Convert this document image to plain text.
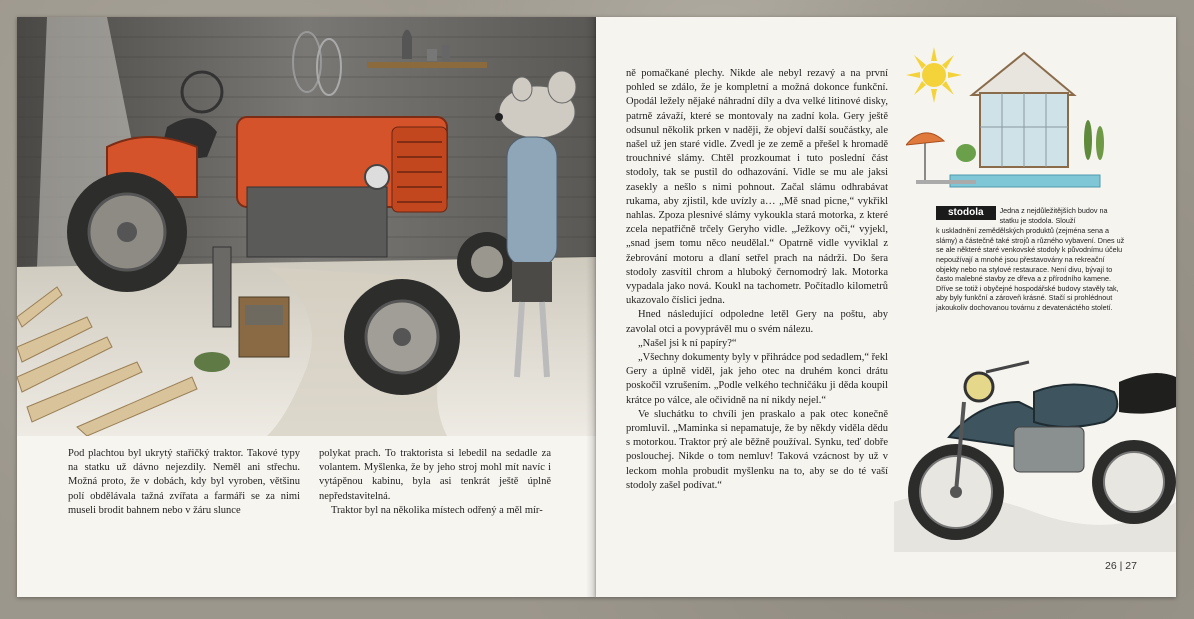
Pod plachtou byl ukrytý stařičký traktor. Takové typy na statku už dávno nejezdily. Neměl ani střechu. Možná proto, že v dobách, kdy byl vyroben, většinu polí obdělávala tažná zvířata a farmáři se za nimi museli brodit bahnem nebo v žáru slunce

polykat prach. To traktorista si lebedil na sedadle za volantem. Myšlenka, že by jeho stroj mohl mít navíc i vytápěnou kabinu, byla asi tenkrát ještě úplně nepředstavitelná.

Traktor byl na několika místech odřený a měl mír-

ně pomačkané plechy. Nikde ale nebyl rezavý a na první pohled se zdálo, že je kompletní a možná dokonce funkční. Opodál ležely nějaké náhradní díly a dva velké litinové disky, patrně závaží, které se montovaly na zadní kola. Gery ještě odsunul několik prken v naději, že objeví další součástky, ale našel už jen staré vidle. Zvedl je ze země a přešel k hromadě trouchnivé slámy. Chtěl prozkoumat i tuto poslední část stodoly, tak se pustil do odhazování. Vidle se mu ale jaksi zasekly a nešlo s nimi pohnout. Začal slámu odhrabávat rukama, aby zjistil, kde uvízly a… „Mě snad picne,“ vykřikl nahlas. Zpoza plesnivé slámy vykoukla stará motorka, z které zcela nepatřičně trčely Geryho vidle. „Ježkovy oči,“ vyjekl, „snad jsem tomu něco neudělal.“ Opatrně vidle vyviklal z žebrování motoru a dlaní setřel prach na nádrži. Do šera stodoly zasvítil chrom a hluboký černomodrý lak. Motorka vypadala jako nová. Koukl na tachometr. Počítadlo kilometrů ukazovalo číslici jedna.

Hned následující odpoledne letěl Gery na poštu, aby zavolal otci a povyprávěl mu o svém nálezu.

„Našel jsi k ní papíry?“

„Všechny dokumenty byly v přihrádce pod sedadlem,“ řekl Gery a úplně viděl, jak jeho otec na druhém konci drátu poskočil vzrušením. „Podle velkého techničáku ji děda koupil krátce po válce, ale očividně na ní nikdy nejel.“

Ve sluchátku to chvíli jen praskalo a pak otec konečně promluvil. „Maminka si nepamatuje, že by někdy viděla dědu s motorkou. Traktor prý ale běžně používal. Synku, teď dobře poslouchej. Nikde o tom nemluv! Taková vzácnost by už v leckom mohla probudit myšlenku na to, aby se do té vaší stodoly zašel podívat.“

stodola	Jedna z nejdůležitějších budov na statku je stodola. Slouží
k uskladnění zemědělských produktů (zejména sena a slámy) a částečně také strojů a různého vybavení. Dnes už se ale některé staré venkovské stodoly k původnímu účelu nepoužívají a mnohé jsou přestavovány na rekreační objekty nebo na stylové restaurace. Není divu, bývají to často malebné stavby ze dřeva a z přírodního kamene. Dříve se totiž i obyčejné hospodářské budovy stavěly tak, aby byly funkční a zároveň krásné. Stačí si prohlédnout jakoukoliv dochovanou továrnu z devatenáctého století.
26 | 27
